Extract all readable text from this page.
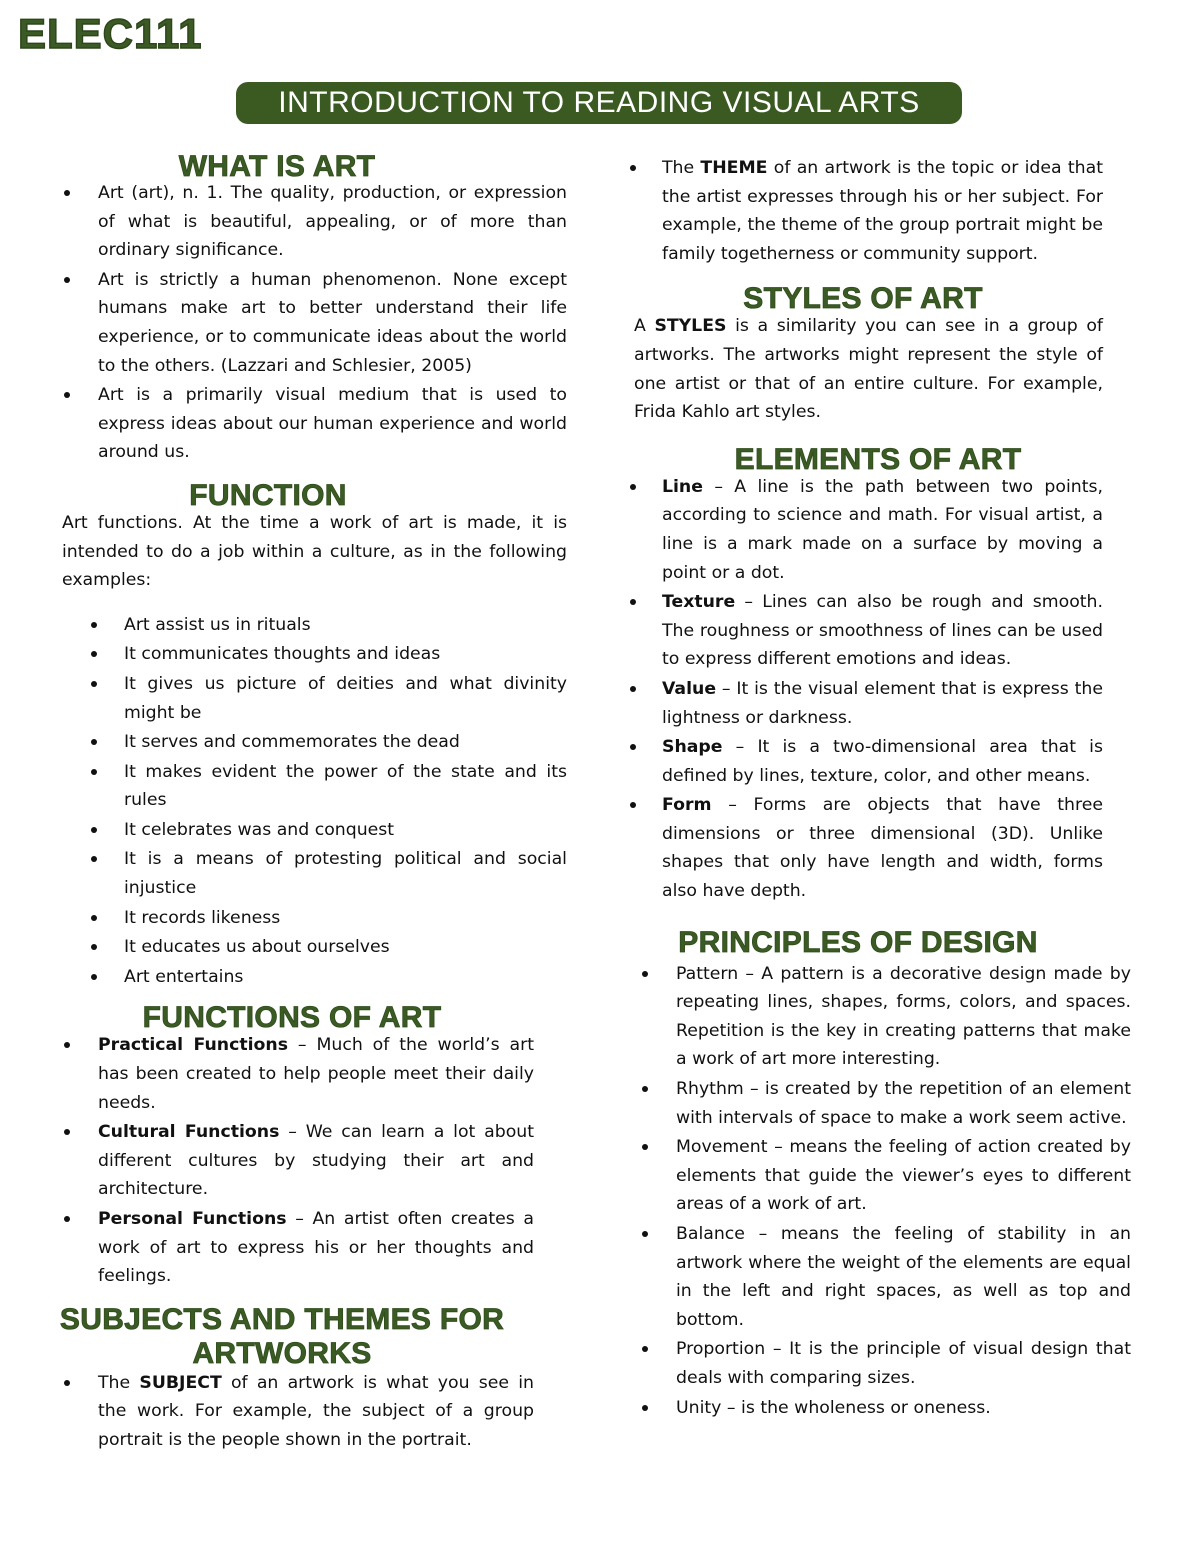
ELEC111
INTRODUCTION TO READING VISUAL ARTS
WHAT IS ART
Art (art), n. 1. The quality, production, or expression of what is beautiful, appealing, or of more than ordinary significance.
Art is strictly a human phenomenon. None except humans make art to better understand their life experience, or to communicate ideas about the world to the others. (Lazzari and Schlesier, 2005)
Art is a primarily visual medium that is used to express ideas about our human experience and world around us.
FUNCTION

Art functions. At the time a work of art is made, it is intended to do a job within a culture, as in the following examples:

Art assist us in rituals
It communicates thoughts and ideas
It gives us picture of deities and what divinity might be
It serves and commemorates the dead
It makes evident the power of the state and its rules
It celebrates was and conquest
It is a means of protesting political and social injustice
It records likeness
It educates us about ourselves
Art entertains
FUNCTIONS OF ART
Practical Functions – Much of the world’s art has been created to help people meet their daily needs.
Cultural Functions – We can learn a lot about different cultures by studying their art and architecture.
Personal Functions – An artist often creates a work of art to express his or her thoughts and feelings.
SUBJECTS AND THEMES FOR
ARTWORKS
The SUBJECT of an artwork is what you see in the work. For example, the subject of a group portrait is the people shown in the portrait.
The THEME of an artwork is the topic or idea that the artist expresses through his or her subject. For example, the theme of the group portrait might be family togetherness or community support.
STYLES OF ART

A STYLES is a similarity you can see in a group of artworks. The artworks might represent the style of one artist or that of an entire culture. For example, Frida Kahlo art styles.

ELEMENTS OF ART
Line – A line is the path between two points, according to science and math. For visual artist, a line is a mark made on a surface by moving a point or a dot.
Texture – Lines can also be rough and smooth. The roughness or smoothness of lines can be used to express different emotions and ideas.
Value – It is the visual element that is express the lightness or darkness.
Shape – It is a two-dimensional area that is defined by lines, texture, color, and other means.
Form – Forms are objects that have three dimensions or three dimensional (3D). Unlike shapes that only have length and width, forms also have depth.
PRINCIPLES OF DESIGN
Pattern – A pattern is a decorative design made by repeating lines, shapes, forms, colors, and spaces. Repetition is the key in creating patterns that make a work of art more interesting.
Rhythm – is created by the repetition of an element with intervals of space to make a work seem active.
Movement – means the feeling of action created by elements that guide the viewer’s eyes to different areas of a work of art.
Balance – means the feeling of stability in an artwork where the weight of the elements are equal in the left and right spaces, as well as top and bottom.
Proportion – It is the principle of visual design that deals with comparing sizes.
Unity – is the wholeness or oneness.
